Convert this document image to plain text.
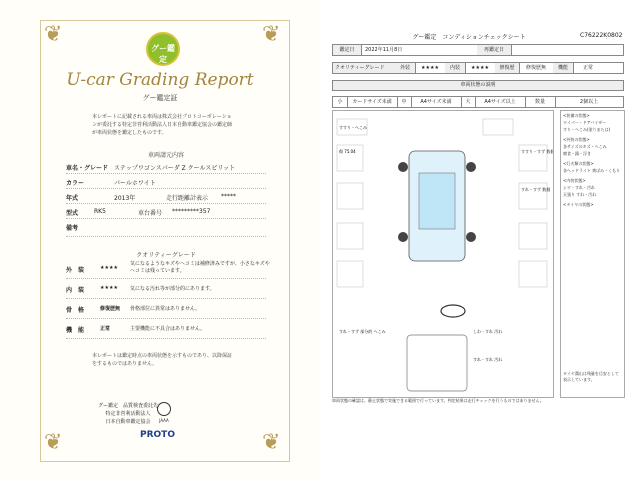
❦	❦
❦	❦
グー鑑定
U-car Grading Report
グー鑑定証
本レポートに記載される車両は株式会社プロトコーポレーションが委託する特定非営利活動法人日本自動車鑑定協会の鑑定師が車両状態を鑑定したものです。
車両請元内容
車名・グレード ステップワゴンスパーダ Z クールスピリット
カラー	パールホワイト
年式	2013年	走行距離計表示 *****
型式	RK5	車台番号 *********357
備考
クオリティーグレード
外　装	★★★★
気になるようなキズやヘコミは補修済みですが、小さなキズやヘコミは残っています。
内　装	★★★★ 気になる汚れ等が部分的にあります。
骨　格	修復歴無 骨格部位に異常はありません。
機　能	正常	主要機能に不具合はありません。
本レポートは鑑定時点の車両状態を示すものであり、以降保証をするものではありません。
グー鑑定　品質検査委託先
特定非営利活動法人
日本自動車鑑定協会	JAAA
PROTO
グー鑑定　コンディションチェックシート	C76222K0802
鑑定日	2022年11月8日	再鑑定日
クオリティーグレード	外装	★★★★	内装	★★★★	修復歴	修復歴無	機能	正常
車両状態の説明
小	カードサイズ未満	中	A4サイズ未満	大	A4サイズ以上	数量	2個以上
すすり・へこみ
傷 75.04	すすり・すず 数個
すれ・すず 数個
すれ・すず 部分的 へこみ	しわ・すれ 汚れ
すれ・すれ 汚れ
<装備の状態>
ワイパー・ドアバイザー
すり・へこみ(塗りまたは)
<外装の状態>
各サイズのキズ・へこみ
腐食・錆・浮き
<灯火類の状態>
各ヘッドライト 黄ばみ・くもり
<内装状態>
シワ・すれ・汚れ
天張り すれ・汚れ
<タイヤの状態>
タイヤ溝山は残量を目安として表示しています。
車両状態の確認は、静止状態で実施できる範囲で行っています。判定結果は走行チェックを行うものではありません。
